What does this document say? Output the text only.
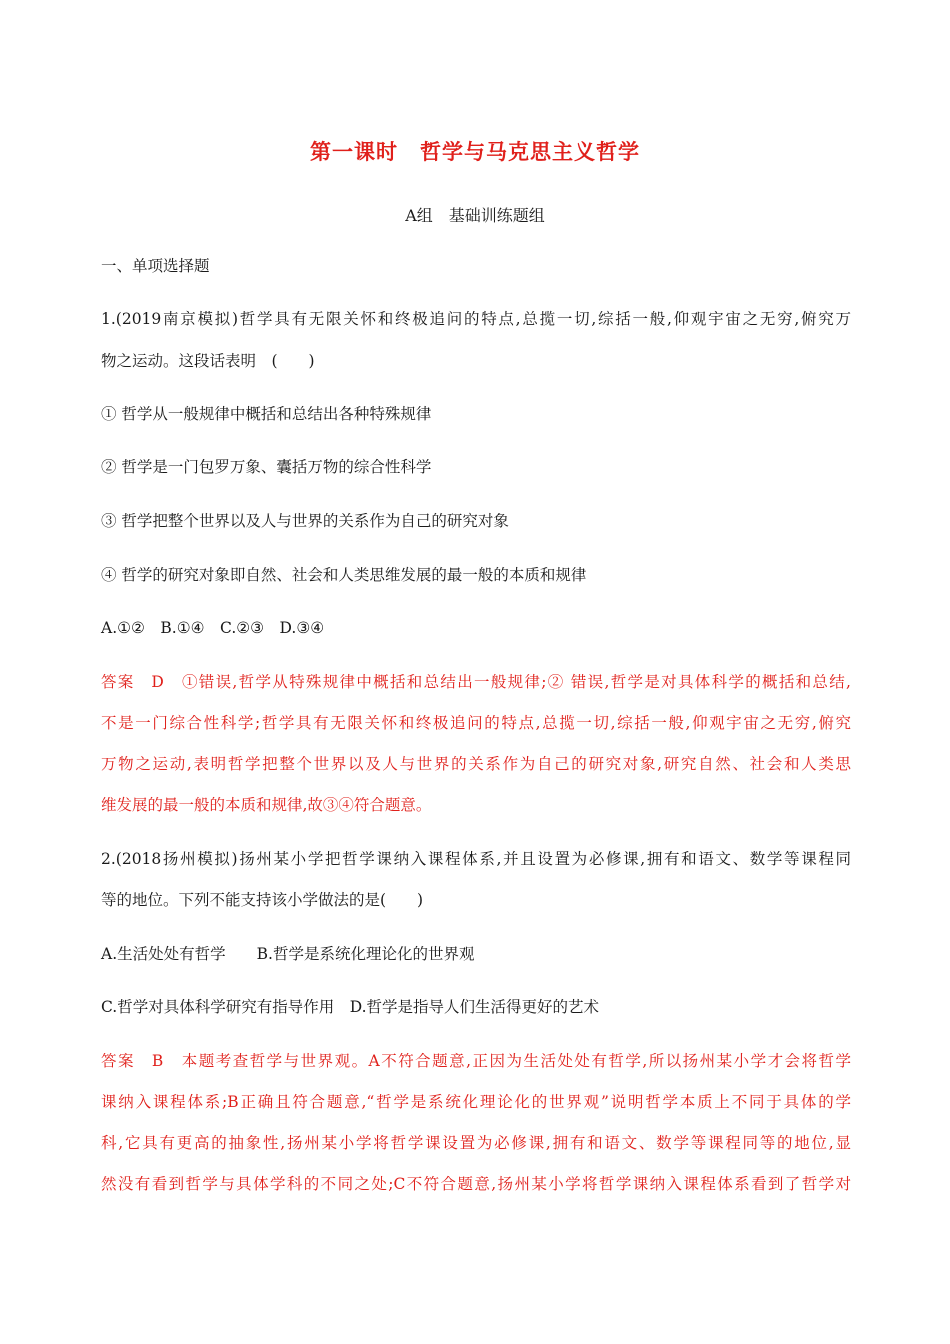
第一课时　哲学与马克思主义哲学
A组　基础训练题组
一、单项选择题
1.(2019南京模拟)哲学具有无限关怀和终极追问的特点,总揽一切,综括一般,仰观宇宙之无穷,俯究万
物之运动。这段话表明　(　　)
① 哲学从一般规律中概括和总结出各种特殊规律
② 哲学是一门包罗万象、囊括万物的综合性科学
③ 哲学把整个世界以及人与世界的关系作为自己的研究对象
④ 哲学的研究对象即自然、社会和人类思维发展的最一般的本质和规律
A.①②　B.①④　C.②③　D.③④
答案　D　①错误,哲学从特殊规律中概括和总结出一般规律;② 错误,哲学是对具体科学的概括和总结,
不是一门综合性科学;哲学具有无限关怀和终极追问的特点,总揽一切,综括一般,仰观宇宙之无穷,俯究
万物之运动,表明哲学把整个世界以及人与世界的关系作为自己的研究对象,研究自然、社会和人类思
维发展的最一般的本质和规律,故③④符合题意。
2.(2018扬州模拟)扬州某小学把哲学课纳入课程体系,并且设置为必修课,拥有和语文、数学等课程同
等的地位。下列不能支持该小学做法的是(　　)
A.生活处处有哲学　　B.哲学是系统化理论化的世界观
C.哲学对具体科学研究有指导作用　D.哲学是指导人们生活得更好的艺术
答案　B　本题考查哲学与世界观。A不符合题意,正因为生活处处有哲学,所以扬州某小学才会将哲学
课纳入课程体系;B正确且符合题意,“哲学是系统化理论化的世界观”说明哲学本质上不同于具体的学
科,它具有更高的抽象性,扬州某小学将哲学课设置为必修课,拥有和语文、数学等课程同等的地位,显
然没有看到哲学与具体学科的不同之处;C不符合题意,扬州某小学将哲学课纳入课程体系看到了哲学对
